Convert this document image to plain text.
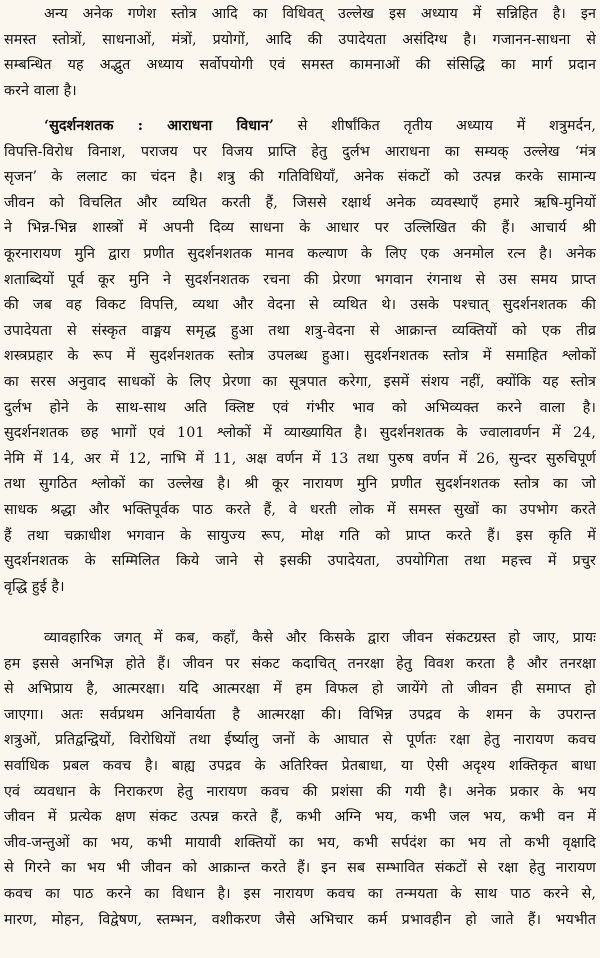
अन्य अनेक गणेश स्तोत्र आदि का विधिवत् उल्लेख इस अध्याय में सन्निहित है। इन
समस्त स्तोत्रों, साधनाओं, मंत्रों, प्रयोगों, आदि की उपादेयता असंदिग्ध है। गजानन-साधना से
सम्बन्धित यह अद्भुत अध्याय सर्वोपयोगी एवं समस्त कामनाओं की संसिद्धि का मार्ग प्रदान
करने वाला है।
‘सुदर्शनशतक : आराधना विधान’ से शीर्षांकित तृतीय अध्याय में शत्रुमर्दन,
विपत्ति-विरोध विनाश, पराजय पर विजय प्राप्ति हेतु दुर्लभ आराधना का सम्यक् उल्लेख ‘मंत्र
सृजन’ के ललाट का चंदन है। शत्रु की गतिविधियाँ, अनेक संकटों को उत्पन्न करके सामान्य
जीवन को विचलित और व्यथित करती हैं, जिससे रक्षार्थ अनेक व्यवस्थाएँ हमारे ऋषि-मुनियों
ने भिन्न-भिन्न शास्त्रों में अपनी दिव्य साधना के आधार पर उल्लिखित की हैं। आचार्य श्री
कूरनारायण मुनि द्वारा प्रणीत सुदर्शनशतक मानव कल्याण के लिए एक अनमोल रत्न है। अनेक
शताब्दियों पूर्व कूर मुनि ने सुदर्शनशतक रचना की प्रेरणा भगवान रंगनाथ से उस समय प्राप्त
की जब वह विकट विपत्ति, व्यथा और वेदना से व्यथित थे। उसके पश्चात् सुदर्शनशतक की
उपादेयता से संस्कृत वाङ्मय समृद्ध हुआ तथा शत्रु-वेदना से आक्रान्त व्यक्तियों को एक तीव्र
शस्त्रप्रहार के रूप में सुदर्शनशतक स्तोत्र उपलब्ध हुआ। सुदर्शनशतक स्तोत्र में समाहित श्लोकों
का सरस अनुवाद साधकों के लिए प्रेरणा का सूत्रपात करेगा, इसमें संशय नहीं, क्योंकि यह स्तोत्र
दुर्लभ होने के साथ-साथ अति क्लिष्ट एवं गंभीर भाव को अभिव्यक्त करने वाला है।
सुदर्शनशतक छह भागों एवं 101 श्लोकों में व्याख्यायित है। सुदर्शनशतक के ज्वालावर्णन में 24,
नेमि में 14, अर में 12, नाभि में 11, अक्ष वर्णन में 13 तथा पुरुष वर्णन में 26, सुन्दर सुरुचिपूर्ण
तथा सुगठित श्लोकों का उल्लेख है। श्री कूर नारायण मुनि प्रणीत सुदर्शनशतक स्तोत्र का जो
साधक श्रद्धा और भक्तिपूर्वक पाठ करते हैं, वे धरती लोक में समस्त सुखों का उपभोग करते
हैं तथा चक्राधीश भगवान के सायुज्य रूप, मोक्ष गति को प्राप्त करते हैं। इस कृति में
सुदर्शनशतक के सम्मिलित किये जाने से इसकी उपादेयता, उपयोगिता तथा महत्त्व में प्रचुर
वृद्धि हुई है।
व्यावहारिक जगत् में कब, कहाँ, कैसे और किसके द्वारा जीवन संकटग्रस्त हो जाए, प्रायः
हम इससे अनभिज्ञ होते हैं। जीवन पर संकट कदाचित् तनरक्षा हेतु विवश करता है और तनरक्षा
से अभिप्राय है, आत्मरक्षा। यदि आत्मरक्षा में हम विफल हो जायेंगे तो जीवन ही समाप्त हो
जाएगा। अतः सर्वप्रथम अनिवार्यता है आत्मरक्षा की। विभिन्न उपद्रव के शमन के उपरान्त
शत्रुओं, प्रतिद्वन्द्वियों, विरोधियों तथा ईर्ष्यालु जनों के आघात से पूर्णतः रक्षा हेतु नारायण कवच
सर्वाधिक प्रबल कवच है। बाह्य उपद्रव के अतिरिक्त प्रेतबाधा, या ऐसी अदृश्य शक्तिकृत बाधा
एवं व्यवधान के निराकरण हेतु नारायण कवच की प्रशंसा की गयी है। अनेक प्रकार के भय
जीवन में प्रत्येक क्षण संकट उत्पन्न करते हैं, कभी अग्नि भय, कभी जल भय, कभी वन में
जीव-जन्तुओं का भय, कभी मायावी शक्तियों का भय, कभी सर्पदंश का भय तो कभी वृक्षादि
से गिरने का भय भी जीवन को आक्रान्त करते हैं। इन सब सम्भावित संकटों से रक्षा हेतु नारायण
कवच का पाठ करने का विधान है। इस नारायण कवच का तन्मयता के साथ पाठ करने से,
मारण, मोहन, विद्वेषण, स्तम्भन, वशीकरण जैसे अभिचार कर्म प्रभावहीन हो जाते हैं। भयभीत
